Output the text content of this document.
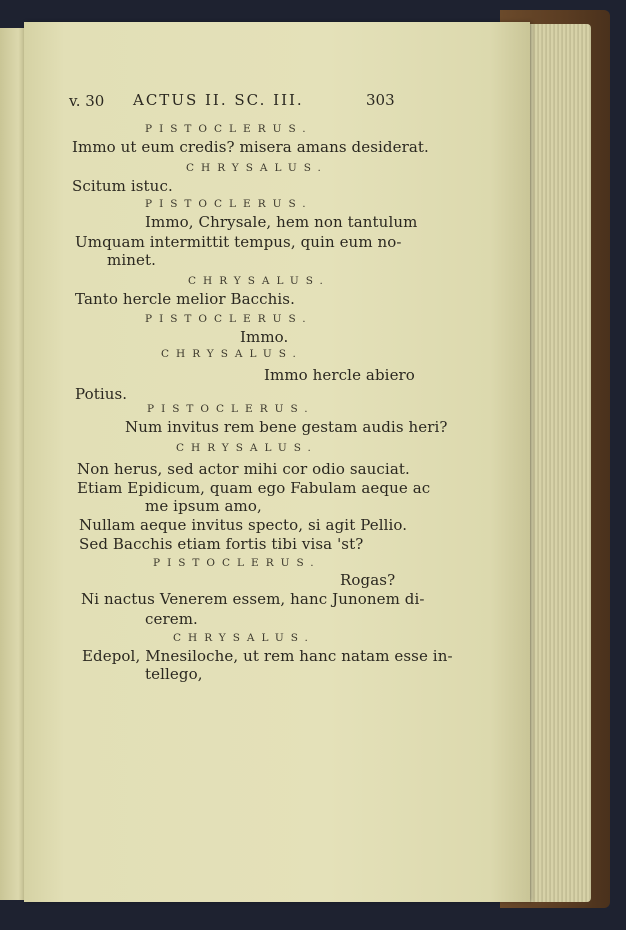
v. 30 ACTUS II. SC. III.	303
PISTOCLERUS.
Immo ut eum credis? misera amans desiderat.
CHRYSALUS.
Scitum istuc.
PISTOCLERUS.
Immo, Chrysale, hem non tantulum
Umquam intermittit tempus, quin eum no-
minet.
CHRYSALUS.
Tanto hercle melior Bacchis.
PISTOCLERUS.
Immo.
CHRYSALUS.
Immo hercle abiero
Potius.
PISTOCLERUS.
Num invitus rem bene gestam audis heri?
CHRYSALUS.
Non herus, sed actor mihi cor odio sauciat.
Etiam Epidicum, quam ego Fabulam aeque ac
me ipsum amo,
Nullam aeque invitus specto, si agit Pellio.
Sed Bacchis etiam fortis tibi visa 'st?
PISTOCLERUS.
Rogas?
Ni nactus Venerem essem, hanc Junonem di-
cerem.
CHRYSALUS.
Edepol, Mnesiloche, ut rem hanc natam esse in-
tellego,
